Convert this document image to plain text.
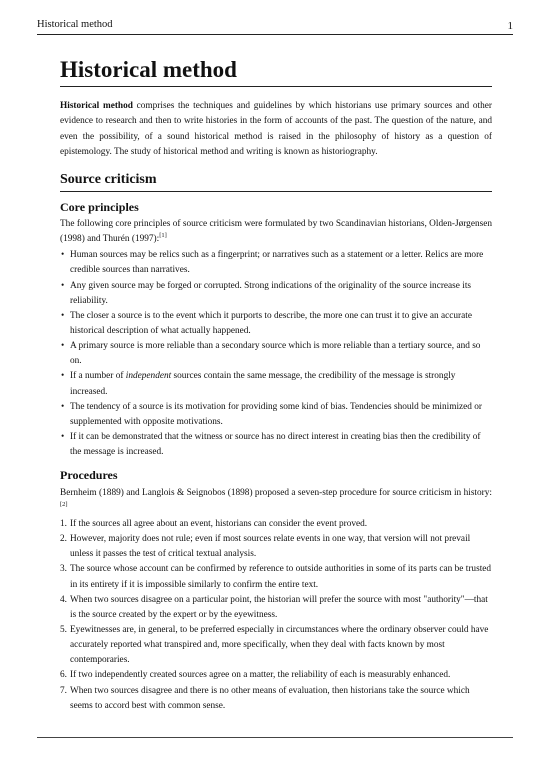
Historical method	1
Historical method

Historical method comprises the techniques and guidelines by which historians use primary sources and other evidence to research and then to write histories in the form of accounts of the past. The question of the nature, and even the possibility, of a sound historical method is raised in the philosophy of history as a question of epistemology. The study of historical method and writing is known as historiography.

Source criticism
Core principles

The following core principles of source criticism were formulated by two Scandinavian historians, Olden-Jørgensen (1998) and Thurén (1997):[1]

• Human sources may be relics such as a fingerprint; or narratives such as a statement or a letter. Relics are more credible sources than narratives.
• Any given source may be forged or corrupted. Strong indications of the originality of the source increase its reliability.
• The closer a source is to the event which it purports to describe, the more one can trust it to give an accurate historical description of what actually happened.
• A primary source is more reliable than a secondary source which is more reliable than a tertiary source, and so on.
• If a number of independent sources contain the same message, the credibility of the message is strongly increased.
• The tendency of a source is its motivation for providing some kind of bias. Tendencies should be minimized or supplemented with opposite motivations.
• If it can be demonstrated that the witness or source has no direct interest in creating bias then the credibility of the message is increased.
Procedures

Bernheim (1889) and Langlois & Seignobos (1898) proposed a seven-step procedure for source criticism in history:[2]

1. If the sources all agree about an event, historians can consider the event proved.
2. However, majority does not rule; even if most sources relate events in one way, that version will not prevail unless it passes the test of critical textual analysis.
3. The source whose account can be confirmed by reference to outside authorities in some of its parts can be trusted in its entirety if it is impossible similarly to confirm the entire text.
4. When two sources disagree on a particular point, the historian will prefer the source with most "authority"—that is the source created by the expert or by the eyewitness.
5. Eyewitnesses are, in general, to be preferred especially in circumstances where the ordinary observer could have accurately reported what transpired and, more specifically, when they deal with facts known by most contemporaries.
6. If two independently created sources agree on a matter, the reliability of each is measurably enhanced.
7. When two sources disagree and there is no other means of evaluation, then historians take the source which seems to accord best with common sense.
